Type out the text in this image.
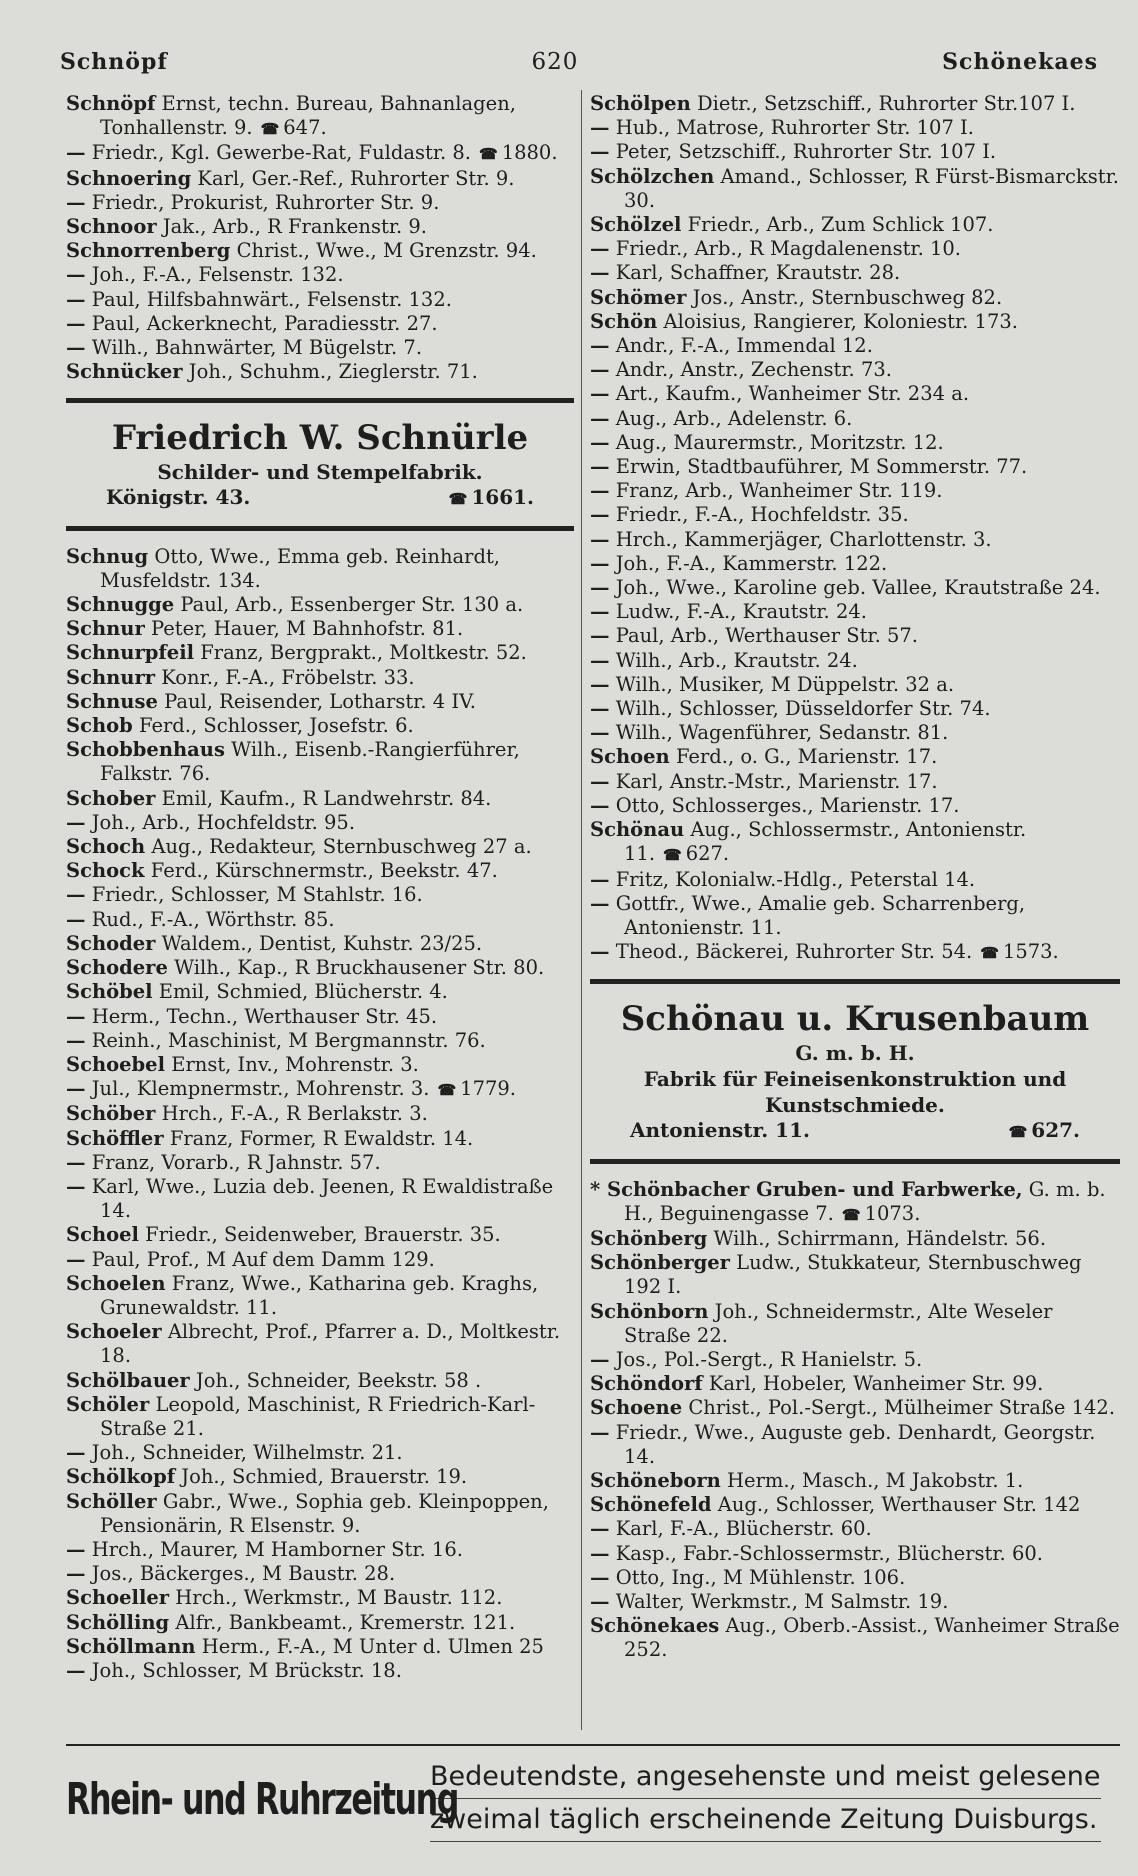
Schnöpf	620	Schönekaes

Schnöpf Ernst, techn. Bureau, Bahnanlagen, Tonhallenstr. 9. ☎ 647.

— Friedr., Kgl. Gewerbe-Rat, Fuldastr. 8. ☎ 1880.

Schnoering Karl, Ger.-Ref., Ruhrorter Str. 9.

— Friedr., Prokurist, Ruhrorter Str. 9.

Schnoor Jak., Arb., R Frankenstr. 9.

Schnorrenberg Christ., Wwe., M Grenzstr. 94.

— Joh., F.-A., Felsenstr. 132.

— Paul, Hilfsbahnwärt., Felsenstr. 132.

— Paul, Ackerknecht, Paradiesstr. 27.

— Wilh., Bahnwärter, M Bügelstr. 7.

Schnücker Joh., Schuhm., Zieglerstr. 71.

Friedrich W. Schnürle
Schilder- und Stempelfabrik.
Königstr. 43.	☎ 1661.

Schnug Otto, Wwe., Emma geb. Reinhardt, Musfeldstr. 134.

Schnugge Paul, Arb., Essenberger Str. 130 a.

Schnur Peter, Hauer, M Bahnhofstr. 81.

Schnurpfeil Franz, Bergprakt., Moltkestr. 52.

Schnurr Konr., F.-A., Fröbelstr. 33.

Schnuse Paul, Reisender, Lotharstr. 4 IV.

Schob Ferd., Schlosser, Josefstr. 6.

Schobbenhaus Wilh., Eisenb.-Rangierführer, Falkstr. 76.

Schober Emil, Kaufm., R Landwehrstr. 84.

— Joh., Arb., Hochfeldstr. 95.

Schoch Aug., Redakteur, Sternbuschweg 27 a.

Schock Ferd., Kürschnermstr., Beekstr. 47.

— Friedr., Schlosser, M Stahlstr. 16.

— Rud., F.-A., Wörthstr. 85.

Schoder Waldem., Dentist, Kuhstr. 23/25.

Schodere Wilh., Kap., R Bruckhausener Str. 80.

Schöbel Emil, Schmied, Blücherstr. 4.

— Herm., Techn., Werthauser Str. 45.

— Reinh., Maschinist, M Bergmannstr. 76.

Schoebel Ernst, Inv., Mohrenstr. 3.

— Jul., Klempnermstr., Mohrenstr. 3. ☎ 1779.

Schöber Hrch., F.-A., R Berlakstr. 3.

Schöffler Franz, Former, R Ewaldstr. 14.

— Franz, Vorarb., R Jahnstr. 57.

— Karl, Wwe., Luzia deb. Jeenen, R Ewaldistraße 14.

Schoel Friedr., Seidenweber, Brauerstr. 35.

— Paul, Prof., M Auf dem Damm 129.

Schoelen Franz, Wwe., Katharina geb. Kraghs, Grunewaldstr. 11.

Schoeler Albrecht, Prof., Pfarrer a. D., Moltkestr. 18.

Schölbauer Joh., Schneider, Beekstr. 58 .

Schöler Leopold, Maschinist, R Friedrich-Karl-Straße 21.

— Joh., Schneider, Wilhelmstr. 21.

Schölkopf Joh., Schmied, Brauerstr. 19.

Schöller Gabr., Wwe., Sophia geb. Kleinpoppen, Pensionärin, R Elsenstr. 9.

— Hrch., Maurer, M Hamborner Str. 16.

— Jos., Bäckerges., M Baustr. 28.

Schoeller Hrch., Werkmstr., M Baustr. 112.

Schölling Alfr., Bankbeamt., Kremerstr. 121.

Schöllmann Herm., F.-A., M Unter d. Ulmen 25

— Joh., Schlosser, M Brückstr. 18.

Schölpen Dietr., Setzschiff., Ruhrorter Str.107 I.

— Hub., Matrose, Ruhrorter Str. 107 I.

— Peter, Setzschiff., Ruhrorter Str. 107 I.

Schölzchen Amand., Schlosser, R Fürst-Bismarckstr. 30.

Schölzel Friedr., Arb., Zum Schlick 107.

— Friedr., Arb., R Magdalenenstr. 10.

— Karl, Schaffner, Krautstr. 28.

Schömer Jos., Anstr., Sternbuschweg 82.

Schön Aloisius, Rangierer, Koloniestr. 173.

— Andr., F.-A., Immendal 12.

— Andr., Anstr., Zechenstr. 73.

— Art., Kaufm., Wanheimer Str. 234 a.

— Aug., Arb., Adelenstr. 6.

— Aug., Maurermstr., Moritzstr. 12.

— Erwin, Stadtbauführer, M Sommerstr. 77.

— Franz, Arb., Wanheimer Str. 119.

— Friedr., F.-A., Hochfeldstr. 35.

— Hrch., Kammerjäger, Charlottenstr. 3.

— Joh., F.-A., Kammerstr. 122.

— Joh., Wwe., Karoline geb. Vallee, Krautstraße 24.

— Ludw., F.-A., Krautstr. 24.

— Paul, Arb., Werthauser Str. 57.

— Wilh., Arb., Krautstr. 24.

— Wilh., Musiker, M Düppelstr. 32 a.

— Wilh., Schlosser, Düsseldorfer Str. 74.

— Wilh., Wagenführer, Sedanstr. 81.

Schoen Ferd., o. G., Marienstr. 17.

— Karl, Anstr.-Mstr., Marienstr. 17.

— Otto, Schlosserges., Marienstr. 17.

Schönau Aug., Schlossermstr., Antonienstr. 11. ☎ 627.

— Fritz, Kolonialw.-Hdlg., Peterstal 14.

— Gottfr., Wwe., Amalie geb. Scharrenberg, Antonienstr. 11.

— Theod., Bäckerei, Ruhrorter Str. 54. ☎ 1573.

Schönau u. Krusenbaum
G. m. b. H.
Fabrik für Feineisenkonstruktion und Kunstschmiede.
Antonienstr. 11.	☎ 627.

* Schönbacher Gruben- und Farbwerke, G. m. b. H., Beguinengasse 7. ☎ 1073.

Schönberg Wilh., Schirrmann, Händelstr. 56.

Schönberger Ludw., Stukkateur, Sternbuschweg 192 I.

Schönborn Joh., Schneidermstr., Alte Weseler Straße 22.

— Jos., Pol.-Sergt., R Hanielstr. 5.

Schöndorf Karl, Hobeler, Wanheimer Str. 99.

Schoene Christ., Pol.-Sergt., Mülheimer Straße 142.

— Friedr., Wwe., Auguste geb. Denhardt, Georgstr. 14.

Schöneborn Herm., Masch., M Jakobstr. 1.

Schönefeld Aug., Schlosser, Werthauser Str. 142

— Karl, F.-A., Blücherstr. 60.

— Kasp., Fabr.-Schlossermstr., Blücherstr. 60.

— Otto, Ing., M Mühlenstr. 106.

— Walter, Werkmstr., M Salmstr. 19.

Schönekaes Aug., Oberb.-Assist., Wanheimer Straße 252.

Rhein- und Ruhrzeitung
Bedeutendste, angesehenste und meist gelesene
zweimal täglich erscheinende Zeitung Duisburgs.
